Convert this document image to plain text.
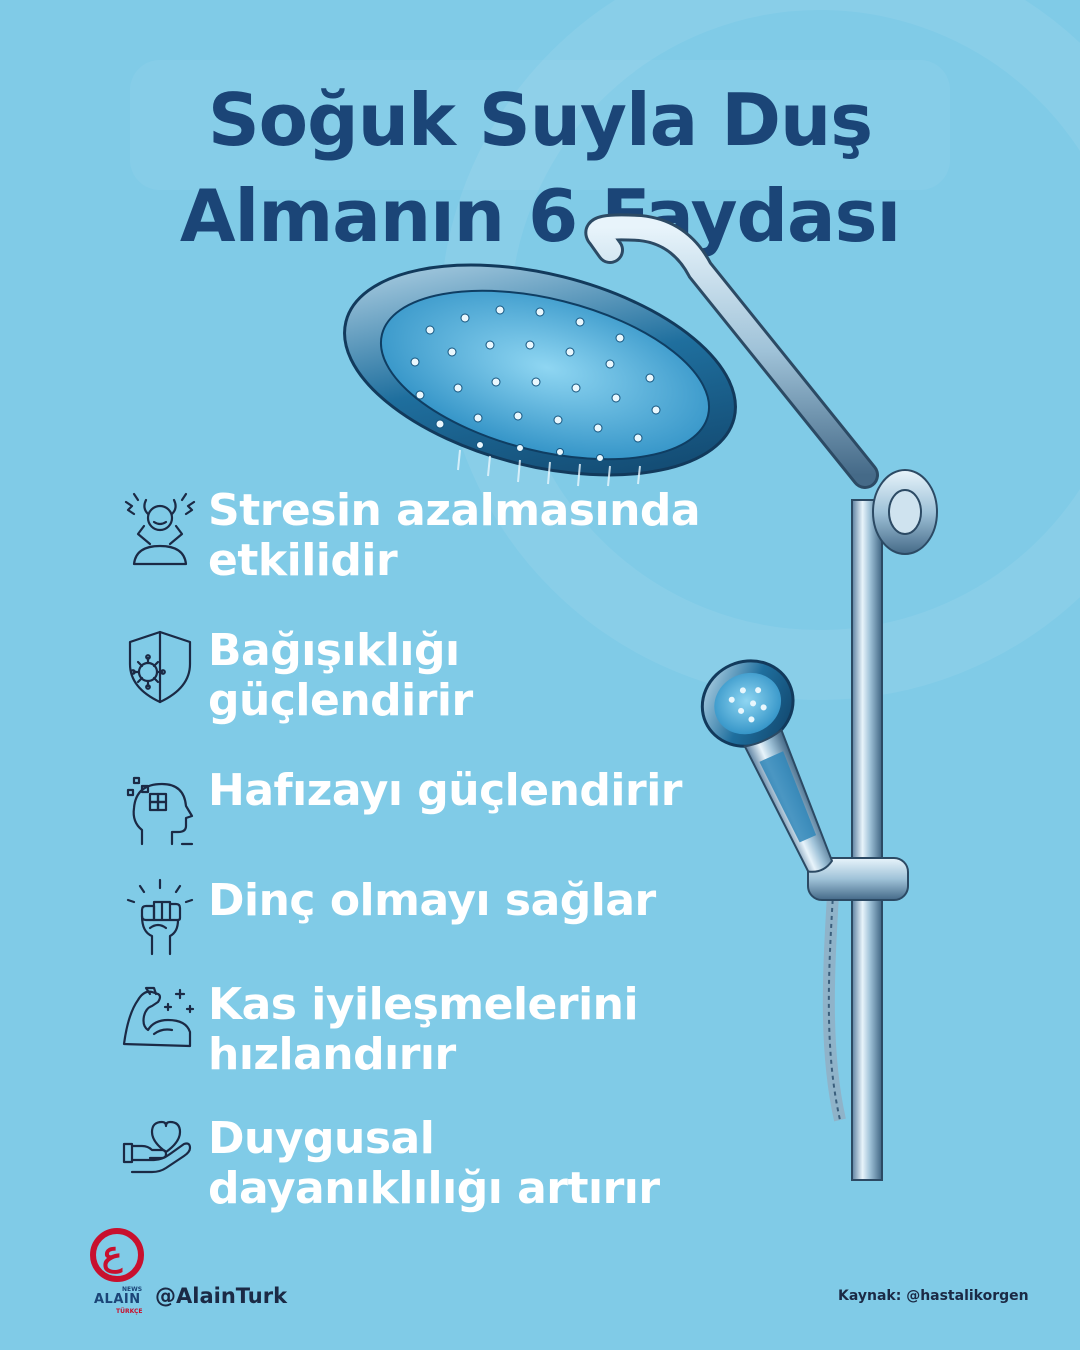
Soğuk Suyla Duş
Almanın 6 Faydası
Stresin azalmasında
etkilidir
Bağışıklığı
güçlendirir
Hafızayı güçlendirir
Dinç olmayı sağlar
Kas iyileşmelerini
hızlandırır
Duygusal
dayanıklılığı artırır
ع
NEWS
ALAIN
TÜRKÇE
@AlainTurk	Kaynak: @hastalikorgen
